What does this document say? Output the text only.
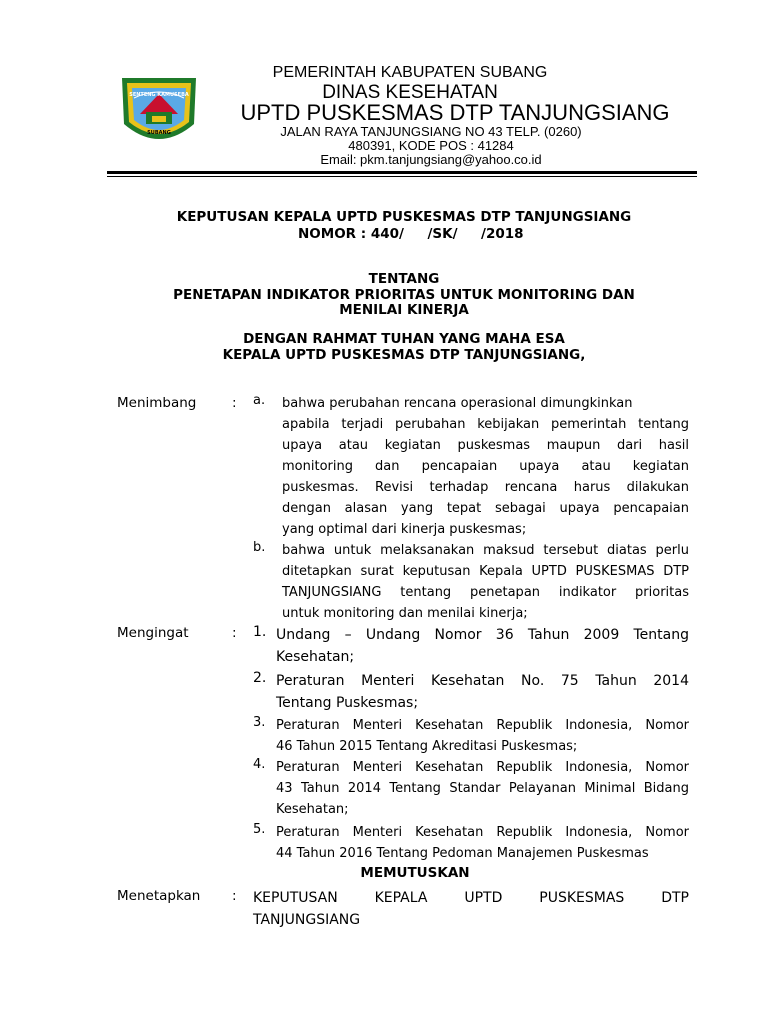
SENTENG KAMUSEBA
SUBANG
PEMERINTAH KABUPATEN SUBANG
DINAS KESEHATAN
UPTD PUSKESMAS DTP TANJUNGSIANG
JALAN RAYA TANJUNGSIANG NO 43 TELP. (0260)
480391, KODE POS : 41284
Email: pkm.tanjungsiang@yahoo.co.id
KEPUTUSAN KEPALA UPTD PUSKESMAS DTP TANJUNGSIANG
NOMOR : 440/     /SK/     /2018
TENTANG
PENETAPAN INDIKATOR PRIORITAS UNTUK MONITORING DAN
MENILAI KINERJA
DENGAN RAHMAT TUHAN YANG MAHA ESA
KEPALA UPTD PUSKESMAS DTP TANJUNGSIANG,
Menimbang	: a. bahwa perubahan rencana operasional dimungkinkan
apabila terjadi perubahan kebijakan pemerintah tentang
upaya atau kegiatan puskesmas maupun dari hasil
monitoring dan pencapaian upaya atau kegiatan
puskesmas. Revisi terhadap rencana harus dilakukan
dengan alasan yang tepat sebagai upaya pencapaian
yang optimal dari kinerja puskesmas;
b. bahwa untuk melaksanakan maksud tersebut diatas perlu
ditetapkan surat keputusan Kepala UPTD PUSKESMAS DTP
TANJUNGSIANG tentang penetapan indikator prioritas
untuk monitoring dan menilai kinerja;
Mengingat	: 1. Undang – Undang Nomor 36 Tahun 2009 Tentang
Kesehatan;
2. Peraturan Menteri Kesehatan No. 75 Tahun 2014
Tentang Puskesmas;
3. Peraturan Menteri Kesehatan Republik Indonesia, Nomor
46 Tahun 2015 Tentang Akreditasi Puskesmas;
4. Peraturan Menteri Kesehatan Republik Indonesia, Nomor
43 Tahun 2014 Tentang Standar Pelayanan Minimal Bidang
Kesehatan;
5. Peraturan Menteri Kesehatan Republik Indonesia, Nomor
44 Tahun 2016 Tentang Pedoman Manajemen Puskesmas
MEMUTUSKAN
Menetapkan : KEPUTUSAN KEPALA UPTD PUSKESMAS DTP
TANJUNGSIANG
